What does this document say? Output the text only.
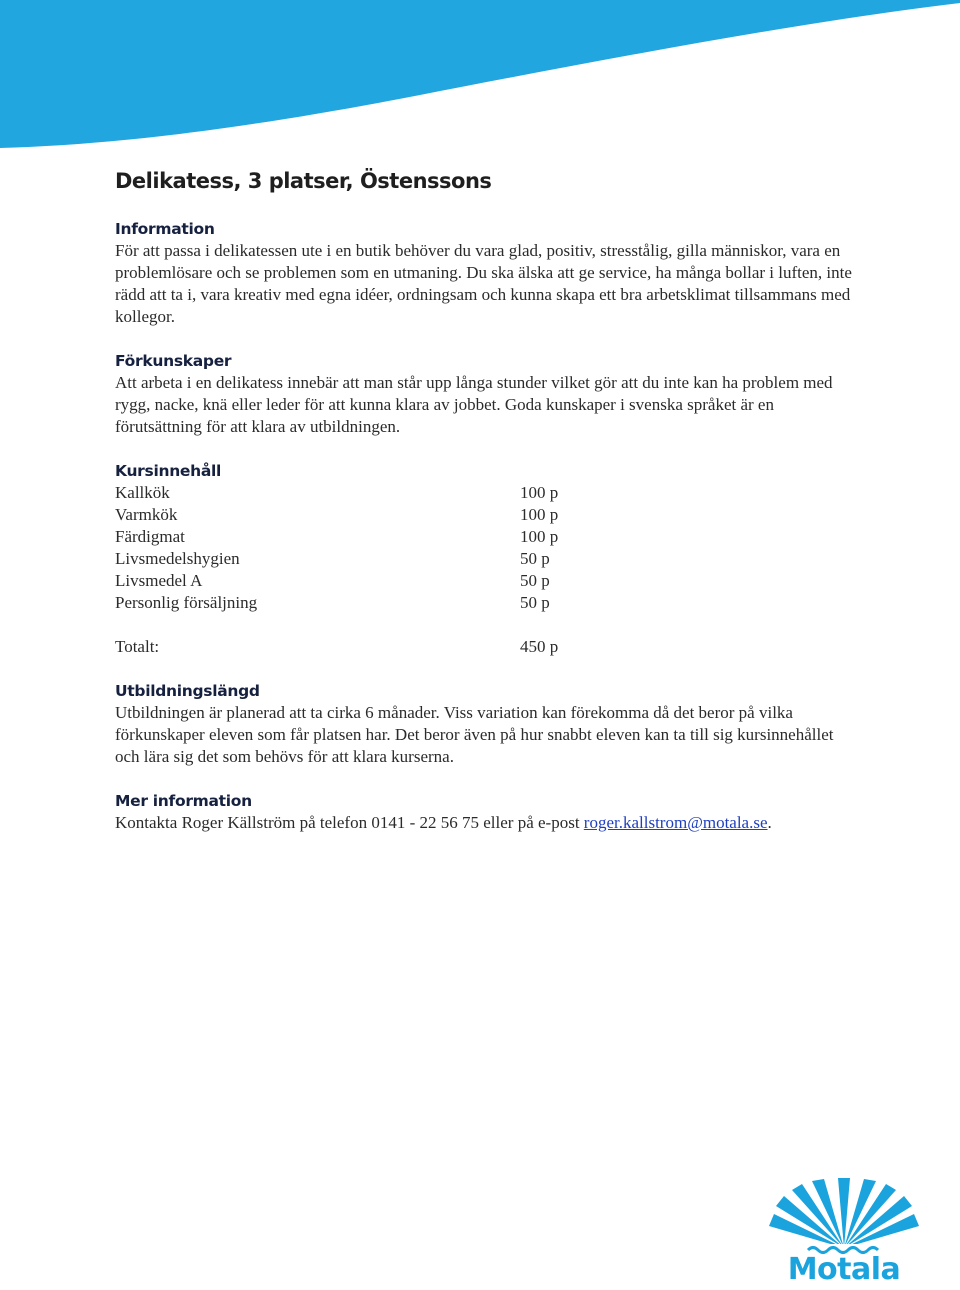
Delikatess, 3 platser, Östenssons
Information

För att passa i delikatessen ute i en butik behöver du vara glad, positiv, stresstålig, gilla människor, vara en problemlösare och se problemen som en utmaning. Du ska älska att ge service, ha många bollar i luften, inte rädd att ta i, vara kreativ med egna idéer, ordningsam och kunna skapa ett bra arbetsklimat tillsammans med kollegor.

Förkunskaper

Att arbeta i en delikatess innebär att man står upp långa stunder vilket gör att du inte kan ha problem med rygg, nacke, knä eller leder för att kunna klara av jobbet. Goda kunskaper i svenska språket är en förutsättning för att klara av utbildningen.

Kursinnehåll
Kallkök	100 p
Varmkök	100 p
Färdigmat	100 p
Livsmedelshygien	50 p
Livsmedel A	50 p
Personlig försäljning	50 p

Totalt:	450 p
Utbildningslängd

Utbildningen är planerad att ta cirka 6 månader. Viss variation kan förekomma då det beror på vilka förkunskaper eleven som får platsen har. Det beror även på hur snabbt eleven kan ta till sig kursinnehållet och lära sig det som behövs för att klara kurserna.

Mer information

Kontakta Roger Källström på telefon 0141 - 22 56 75 eller på e-post roger.kallstrom@motala.se.

Motala
